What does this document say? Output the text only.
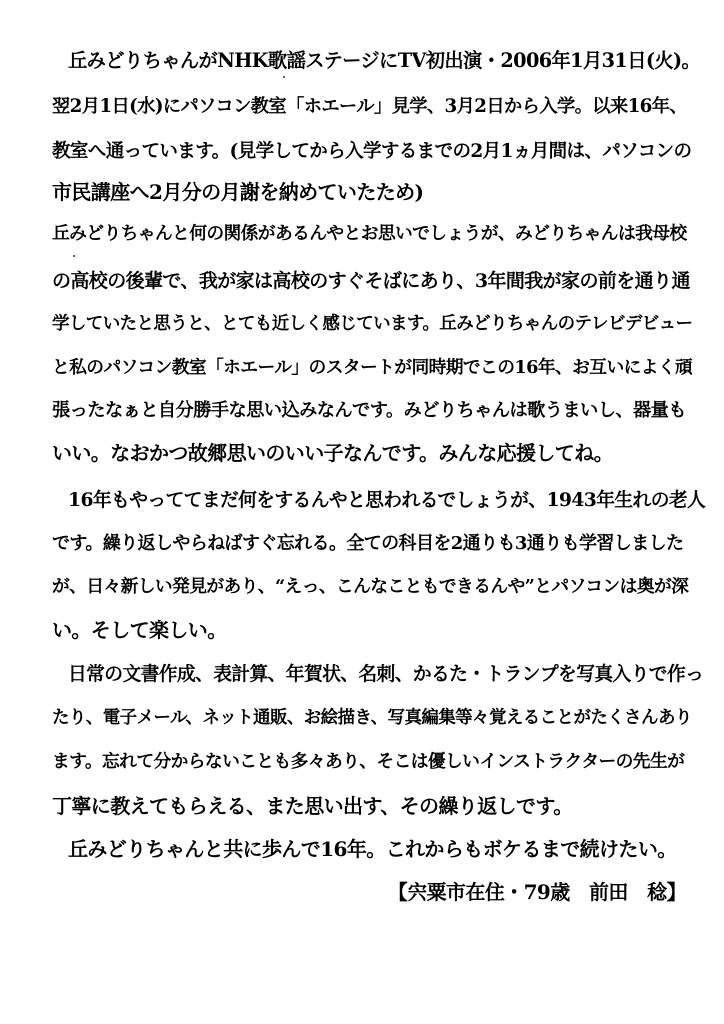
丘みどりちゃんがNHK歌謡ステージにTV初出演・2006年1月31日(火)。
翌2月1日(水)にパソコン教室「ホエール」見学、3月2日から入学。以来16年、
教室へ通っています。(見学してから入学するまでの2月1ヵ月間は、パソコンの
市民講座へ2月分の月謝を納めていたため)
丘みどりちゃんと何の関係があるんやとお思いでしょうが、みどりちゃんは我母校
の高校の後輩で、我が家は高校のすぐそばにあり、3年間我が家の前を通り通
学していたと思うと、とても近しく感じています。丘みどりちゃんのテレビデビュー
と私のパソコン教室「ホエール」のスタートが同時期でこの16年、お互いによく頑
張ったなぁと自分勝手な思い込みなんです。みどりちゃんは歌うまいし、器量も
いい。なおかつ故郷思いのいい子なんです。みんな応援してね。
16年もやっててまだ何をするんやと思われるでしょうが、1943年生れの老人
です。繰り返しやらねばすぐ忘れる。全ての科目を2通りも3通りも学習しました
が、日々新しい発見があり、“えっ、こんなこともできるんや”とパソコンは奥が深
い。そして楽しい。
日常の文書作成、表計算、年賀状、名刺、かるた・トランプを写真入りで作っ
たり、電子メール、ネット通販、お絵描き、写真編集等々覚えることがたくさんあり
ます。忘れて分からないことも多々あり、そこは優しいインストラクターの先生が
丁寧に教えてもらえる、また思い出す、その繰り返しです。
丘みどりちゃんと共に歩んで16年。これからもボケるまで続けたい。
【宍粟市在住・79歳　前田　稔】
